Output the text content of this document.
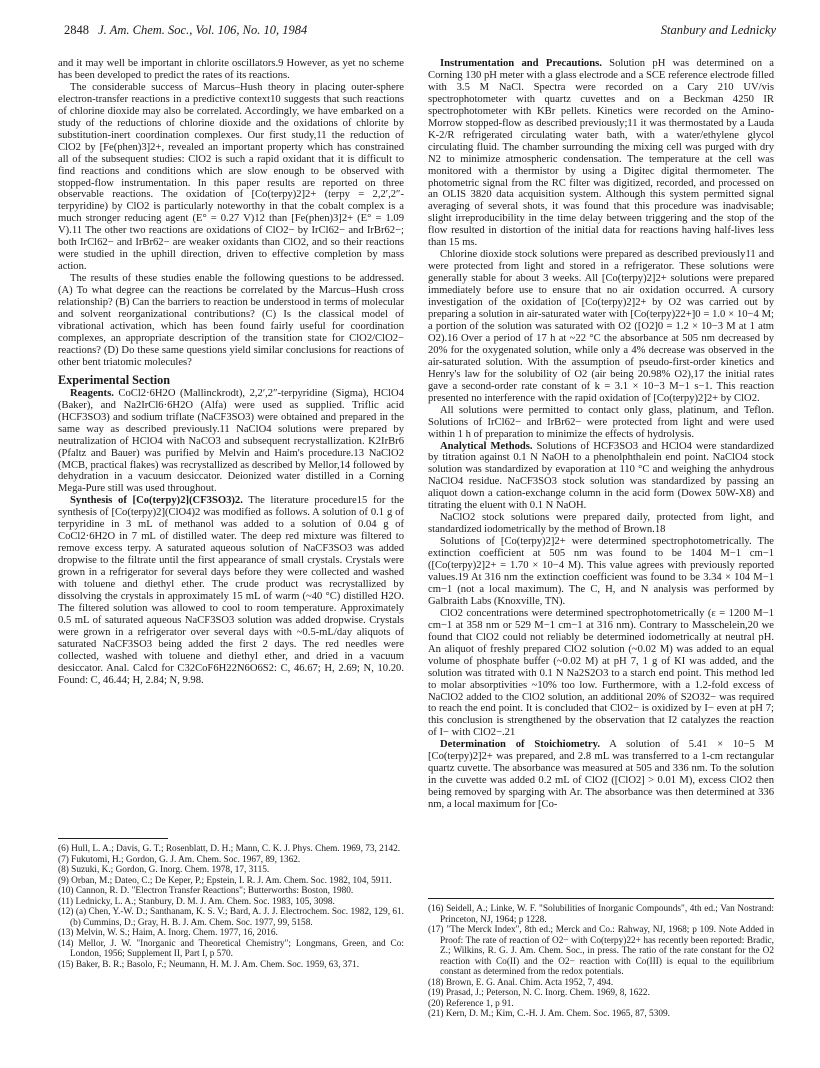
2848 J. Am. Chem. Soc., Vol. 106, No. 10, 1984	Stanbury and Lednicky

and it may well be important in chlorite oscillators.9 However, as yet no scheme has been developed to predict the rates of its reactions.

The considerable success of Marcus–Hush theory in placing outer-sphere electron-transfer reactions in a predictive context10 suggests that such reactions of chlorine dioxide may also be correlated. Accordingly, we have embarked on a study of the reductions of chlorine dioxide and the oxidations of chlorite by substitution-inert coordination complexes. Our first study,11 the reduction of ClO2 by [Fe(phen)3]2+, revealed an important property which has constrained all of the subsequent studies: ClO2 is such a rapid oxidant that it is difficult to find reactions and conditions which are slow enough to be observed with stopped-flow instrumentation. In this paper results are reported on three observable reactions. The oxidation of [Co(terpy)2]2+ (terpy = 2,2′,2″-terpyridine) by ClO2 is particularly noteworthy in that the cobalt complex is a much stronger reducing agent (E° = 0.27 V)12 than [Fe(phen)3]2+ (E° = 1.09 V).11 The other two reactions are oxidations of ClO2− by IrCl62− and IrBr62−; both IrCl62− and IrBr62− are weaker oxidants than ClO2, and so their reactions were studied in the uphill direction, driven to effective completion by mass action.

The results of these studies enable the following questions to be addressed. (A) To what degree can the reactions be correlated by the Marcus–Hush cross relationship? (B) Can the barriers to reaction be understood in terms of molecular and solvent reorganizational contributions? (C) Is the classical model of vibrational activation, which has been found fairly useful for coordination complexes, an appropriate description of the transition state for ClO2/ClO2− reactions? (D) Do these same questions yield similar conclusions for reactions of other bent triatomic molecules?

Experimental Section

Reagents. CoCl2·6H2O (Mallinckrodt), 2,2′,2″-terpyridine (Sigma), HClO4 (Baker), and Na2IrCl6·6H2O (Alfa) were used as supplied. Triflic acid (HCF3SO3) and sodium triflate (NaCF3SO3) were obtained and prepared in the same way as described previously.11 NaClO4 solutions were prepared by neutralization of HClO4 with NaCO3 and subsequent recrystallization. K2IrBr6 (Pfaltz and Bauer) was purified by Melvin and Haim's procedure.13 NaClO2 (MCB, practical flakes) was recrystallized as described by Mellor,14 followed by dehydration in a vacuum desiccator. Deionized water distilled in a Corning Mega-Pure still was used throughout.

Synthesis of [Co(terpy)2](CF3SO3)2. The literature procedure15 for the synthesis of [Co(terpy)2](ClO4)2 was modified as follows. A solution of 0.1 g of terpyridine in 3 mL of methanol was added to a solution of 0.04 g of CoCl2·6H2O in 7 mL of distilled water. The deep red mixture was filtered to remove excess terpy. A saturated aqueous solution of NaCF3SO3 was added dropwise to the filtrate until the first appearance of small crystals. Crystals were grown in a refrigerator for several days before they were collected and washed with toluene and diethyl ether. The crude product was recrystallized by dissolving the crystals in approximately 15 mL of warm (~40 °C) distilled H2O. The filtered solution was allowed to cool to room temperature. Approximately 0.5 mL of saturated aqueous NaCF3SO3 solution was added dropwise. Crystals were grown in a refrigerator over several days with ~0.5-mL/day aliquots of saturated NaCF3SO3 being added the first 2 days. The red needles were collected, washed with toluene and diethyl ether, and dried in a vacuum desiccator. Anal. Calcd for C32CoF6H22N6O6S2: C, 46.67; H, 2.69; N, 10.20. Found: C, 46.44; H, 2.84; N, 9.98.

(6) Hull, L. A.; Davis, G. T.; Rosenblatt, D. H.; Mann, C. K. J. Phys. Chem. 1969, 73, 2142.

(7) Fukutomi, H.; Gordon, G. J. Am. Chem. Soc. 1967, 89, 1362.

(8) Suzuki, K.; Gordon, G. Inorg. Chem. 1978, 17, 3115.

(9) Orban, M.; Dateo, C.; De Keper, P.; Epstein, I. R. J. Am. Chem. Soc. 1982, 104, 5911.

(10) Cannon, R. D. "Electron Transfer Reactions"; Butterworths: Boston, 1980.

(11) Lednicky, L. A.; Stanbury, D. M. J. Am. Chem. Soc. 1983, 105, 3098.

(12) (a) Chen, Y.-W. D.; Santhanam, K. S. V.; Bard, A. J. J. Electrochem. Soc. 1982, 129, 61. (b) Cummins, D.; Gray, H. B. J. Am. Chem. Soc. 1977, 99, 5158.

(13) Melvin, W. S.; Haim, A. Inorg. Chem. 1977, 16, 2016.

(14) Mellor, J. W. "Inorganic and Theoretical Chemistry"; Longmans, Green, and Co: London, 1956; Supplement II, Part I, p 570.

(15) Baker, B. R.; Basolo, F.; Neumann, H. M. J. Am. Chem. Soc. 1959, 63, 371.

Instrumentation and Precautions. Solution pH was determined on a Corning 130 pH meter with a glass electrode and a SCE reference electrode filled with 3.5 M NaCl. Spectra were recorded on a Cary 210 UV/vis spectrophotometer with quartz cuvettes and on a Beckman 4250 IR spectrophotometer with KBr pellets. Kinetics were recorded on the Amino-Morrow stopped-flow as described previously;11 it was thermostated by a Lauda K-2/R refrigerated circulating water bath, with a water/ethylene glycol circulating fluid. The chamber surrounding the mixing cell was purged with dry N2 to minimize atmospheric condensation. The temperature at the cell was monitored with a thermistor by using a Digitec digital thermometer. The photometric signal from the RC filter was digitized, recorded, and processed on an OLIS 3820 data acquisition system. Although this system permitted signal averaging of several shots, it was found that this procedure was inadvisable; slight irreproducibility in the time delay between triggering and the stop of the flow resulted in distortion of the initial data for reactions having half-lives less than 15 ms.

Chlorine dioxide stock solutions were prepared as described previously11 and were protected from light and stored in a refrigerator. These solutions were generally stable for about 3 weeks. All [Co(terpy)2]2+ solutions were prepared immediately before use to ensure that no air oxidation occurred. A cursory investigation of the oxidation of [Co(terpy)2]2+ by O2 was carried out by preparing a solution in air-saturated water with [Co(terpy)22+]0 = 1.0 × 10−4 M; a portion of the solution was saturated with O2 ([O2]0 = 1.2 × 10−3 M at 1 atm O2).16 Over a period of 17 h at ~22 °C the absorbance at 505 nm decreased by 20% for the oxygenated solution, while only a 4% decrease was observed in the air-saturated solution. With the assumption of pseudo-first-order kinetics and Henry's law for the solubility of O2 (air being 20.98% O2),17 the initial rates gave a second-order rate constant of k = 3.1 × 10−3 M−1 s−1. This reaction presented no interference with the rapid oxidation of [Co(terpy)2]2+ by ClO2.

All solutions were permitted to contact only glass, platinum, and Teflon. Solutions of IrCl62− and IrBr62− were protected from light and were used within 1 h of preparation to minimize the effects of hydrolysis.

Analytical Methods. Solutions of HCF3SO3 and HClO4 were standardized by titration against 0.1 N NaOH to a phenolphthalein end point. NaClO4 stock solution was standardized by evaporation at 110 °C and weighing the anhydrous NaClO4 residue. NaCF3SO3 stock solution was standardized by passing an aliquot down a cation-exchange column in the acid form (Dowex 50W-X8) and titrating the eluent with 0.1 N NaOH.

NaClO2 stock solutions were prepared daily, protected from light, and standardized iodometrically by the method of Brown.18

Solutions of [Co(terpy)2]2+ were determined spectrophotometrically. The extinction coefficient at 505 nm was found to be 1404 M−1 cm−1 ([Co(terpy)2]2+ = 1.70 × 10−4 M). This value agrees with previously reported values.19 At 316 nm the extinction coefficient was found to be 3.34 × 104 M−1 cm−1 (not a local maximum). The C, H, and N analysis was performed by Galbraith Labs (Knoxville, TN).

ClO2 concentrations were determined spectrophotometrically (ε = 1200 M−1 cm−1 at 358 nm or 529 M−1 cm−1 at 316 nm). Contrary to Masschelein,20 we found that ClO2 could not reliably be determined iodometrically at neutral pH. An aliquot of freshly prepared ClO2 solution (~0.02 M) was added to an equal volume of phosphate buffer (~0.02 M) at pH 7, 1 g of KI was added, and the solution was titrated with 0.1 N Na2S2O3 to a starch end point. This method led to molar absorptivities ~10% too low. Furthermore, with a 1.2-fold excess of NaClO2 added to the ClO2 solution, an additional 20% of S2O32− was required to reach the end point. It is concluded that ClO2− is oxidized by I− even at pH 7; this conclusion is strengthened by the observation that I2 catalyzes the reaction of I− with ClO2−.21

Determination of Stoichiometry. A solution of 5.41 × 10−5 M [Co(terpy)2]2+ was prepared, and 2.8 mL was transferred to a 1-cm rectangular quartz cuvette. The absorbance was measured at 505 and 336 nm. To the solution in the cuvette was added 0.2 mL of ClO2 ([ClO2] > 0.01 M), excess ClO2 then being removed by sparging with Ar. The absorbance was then determined at 336 nm, a local maximum for [Co-

(16) Seidell, A.; Linke, W. F. "Solubilities of Inorganic Compounds", 4th ed.; Van Nostrand: Princeton, NJ, 1964; p 1228.

(17) "The Merck Index", 8th ed.; Merck and Co.: Rahway, NJ, 1968; p 109. Note Added in Proof: The rate of reaction of O2− with Co(terpy)22+ has recently been reported: Bradic, Z.; Wilkins, R. G. J. Am. Chem. Soc., in press. The ratio of the rate constant for the O2 reaction with Co(II) and the O2− reaction with Co(III) is equal to the equilibrium constant as determined from the redox potentials.

(18) Brown, E. G. Anal. Chim. Acta 1952, 7, 494.

(19) Prasad, J.; Peterson, N. C. Inorg. Chem. 1969, 8, 1622.

(20) Reference 1, p 91.

(21) Kern, D. M.; Kim, C.-H. J. Am. Chem. Soc. 1965, 87, 5309.
